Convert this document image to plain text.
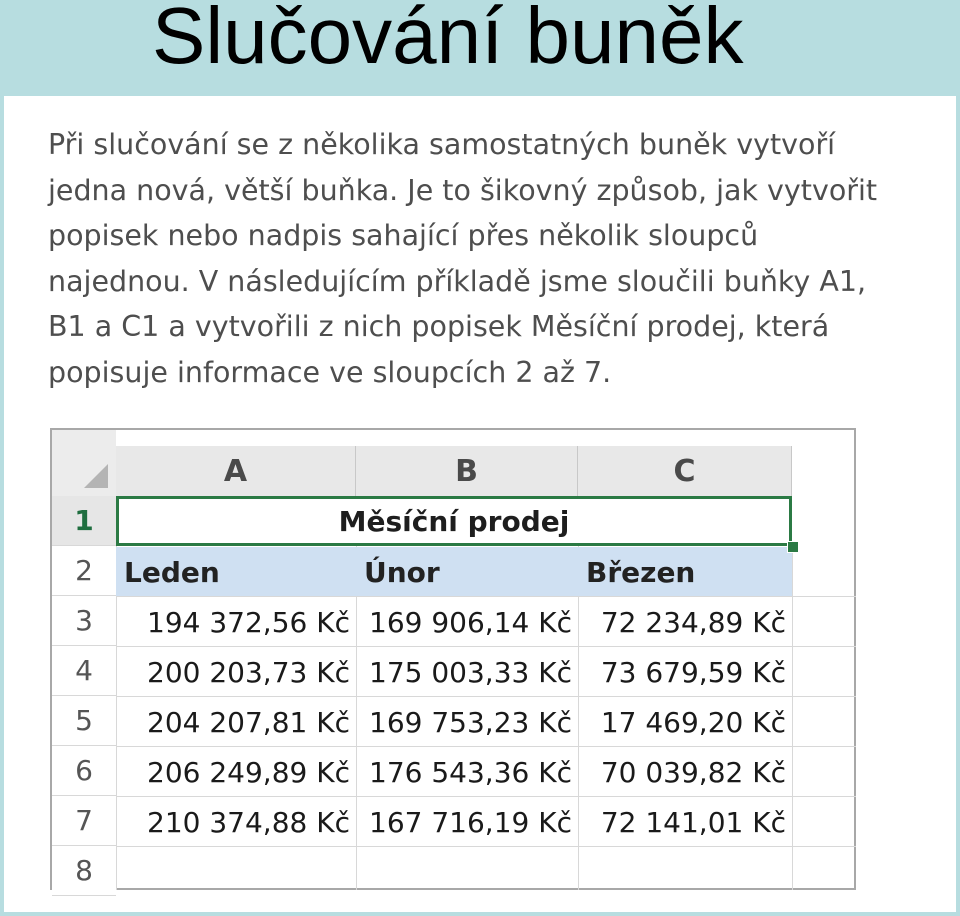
Slučování buněk
Při slučování se z několika samostatných buněk vytvoří
jedna nová, větší buňka. Je to šikovný způsob, jak vytvořit
popisek nebo nadpis sahající přes několik sloupců
najednou. V následujícím příkladě jsme sloučili buňky A1,
B1 a C1 a vytvořili z nich popisek Měsíční prodej, která
popisuje informace ve sloupcích 2 až 7.
A	B	C
1
2
3
4
5
6
7
8
Měsíční prodej
Leden	Únor	Březen
194 372,56 Kč 169 906,14 Kč	72 234,89 Kč
200 203,73 Kč 175 003,33 Kč	73 679,59 Kč
204 207,81 Kč 169 753,23 Kč	17 469,20 Kč
206 249,89 Kč 176 543,36 Kč	70 039,82 Kč
210 374,88 Kč 167 716,19 Kč	72 141,01 Kč
